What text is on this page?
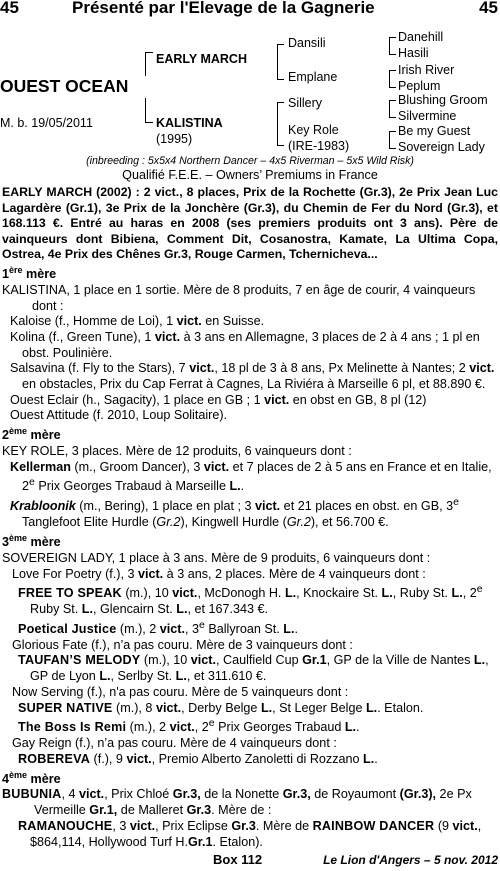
45	Présenté par l'Elevage de la Gagnerie	45
OUEST OCEAN
M. b. 19/05/2011
EARLY MARCH
KALISTINA
(1995)
Dansili
Emplane
Sillery
Key Role
(IRE-1983)
Danehill
Hasili
Irish River
Peplum
Blushing Groom
Silvermine
Be my Guest
Sovereign Lady
(inbreeding : 5x5x4 Northern Dancer – 4x5 Riverman – 5x5 Wild Risk)
Qualifié F.E.E. – Owners’ Premiums in France

EARLY MARCH (2002) : 2 vict., 8 places, Prix de la Rochette (Gr.3), 2e Prix Jean Luc Lagardère (Gr.1), 3e Prix de la Jonchère (Gr.3), du Chemin de Fer du Nord (Gr.3), et 168.113 €. Entré au haras en 2008 (ses premiers produits ont 3 ans). Père de vainqueurs dont Bibiena, Comment Dit, Cosanostra, Kamate, La Ultima Copa, Ostrea, 4e Prix des Chênes Gr.3, Rouge Carmen, Tchernicheva...

1ère mère

KALISTINA, 1 place en 1 sortie. Mère de 8 produits, 7 en âge de courir, 4 vainqueurs dont :

Kaloise (f., Homme de Loi), 1 vict. en Suisse.

Kolina (f., Green Tune), 1 vict. à 3 ans en Allemagne, 3 places de 2 à 4 ans ; 1 pl en obst. Poulinière.

Salsavina (f. Fly to the Stars), 7 vict., 18 pl de 3 à 8 ans, Px Melinette à Nantes; 2 vict. en obstacles, Prix du Cap Ferrat à Cagnes, La Riviéra à Marseille 6 pl, et 88.890 €.

Ouest Eclair (h., Sagacity), 1 place en GB ; 1 vict. en obst en GB, 8 pl (12)

Ouest Attitude (f. 2010, Loup Solitaire).

2ème mère

KEY ROLE, 3 places. Mère de 12 produits, 6 vainqueurs dont :

Kellerman (m., Groom Dancer), 3 vict. et 7 places de 2 à 5 ans en France et en Italie, 2e Prix Georges Trabaud à Marseille L..

Krabloonik (m., Bering), 1 place en plat ; 3 vict. et 21 places en obst. en GB, 3e Tanglefoot Elite Hurdle (Gr.2), Kingwell Hurdle (Gr.2), et 56.700 €.

3ème mère

SOVEREIGN LADY, 1 place à 3 ans. Mère de 9 produits, 6 vainqueurs dont :

Love For Poetry (f.), 3 vict. à 3 ans, 2 places. Mère de 4 vainqueurs dont :

FREE TO SPEAK (m.), 10 vict., McDonogh H. L., Knockaire St. L., Ruby St. L., 2e Ruby St. L., Glencairn St. L., et 167.343 €.

Poetical Justice (m.), 2 vict., 3e Ballyroan St. L..

Glorious Fate (f.), n’a pas couru. Mère de 3 vainqueurs dont :

TAUFAN’S MELODY (m.), 10 vict., Caulfield Cup Gr.1, GP de la Ville de Nantes L., GP de Lyon L., Serlby St. L., et 311.610 €.

Now Serving (f.), n'a pas couru. Mère de 5 vainqueurs dont :

SUPER NATIVE (m.), 8 vict., Derby Belge L., St Leger Belge L.. Etalon.

The Boss Is Remi (m.), 2 vict., 2e Prix Georges Trabaud L..

Gay Reign (f.), n’a pas couru. Mère de 4 vainqueurs dont :

ROBEREVA (f.), 9 vict., Premio Alberto Zanoletti di Rozzano L..

4ème mère

BUBUNIA, 4 vict., Prix Chloé Gr.3, de la Nonette Gr.3, de Royaumont (Gr.3), 2e Px Vermeille Gr.1, de Malleret Gr.3. Mère de :

RAMANOUCHE, 3 vict., Prix Eclipse Gr.3. Mère de RAINBOW DANCER (9 vict., $864,114, Hollywood Turf H.Gr.1. Etalon).

Box 112	Le Lion d'Angers – 5 nov. 2012
